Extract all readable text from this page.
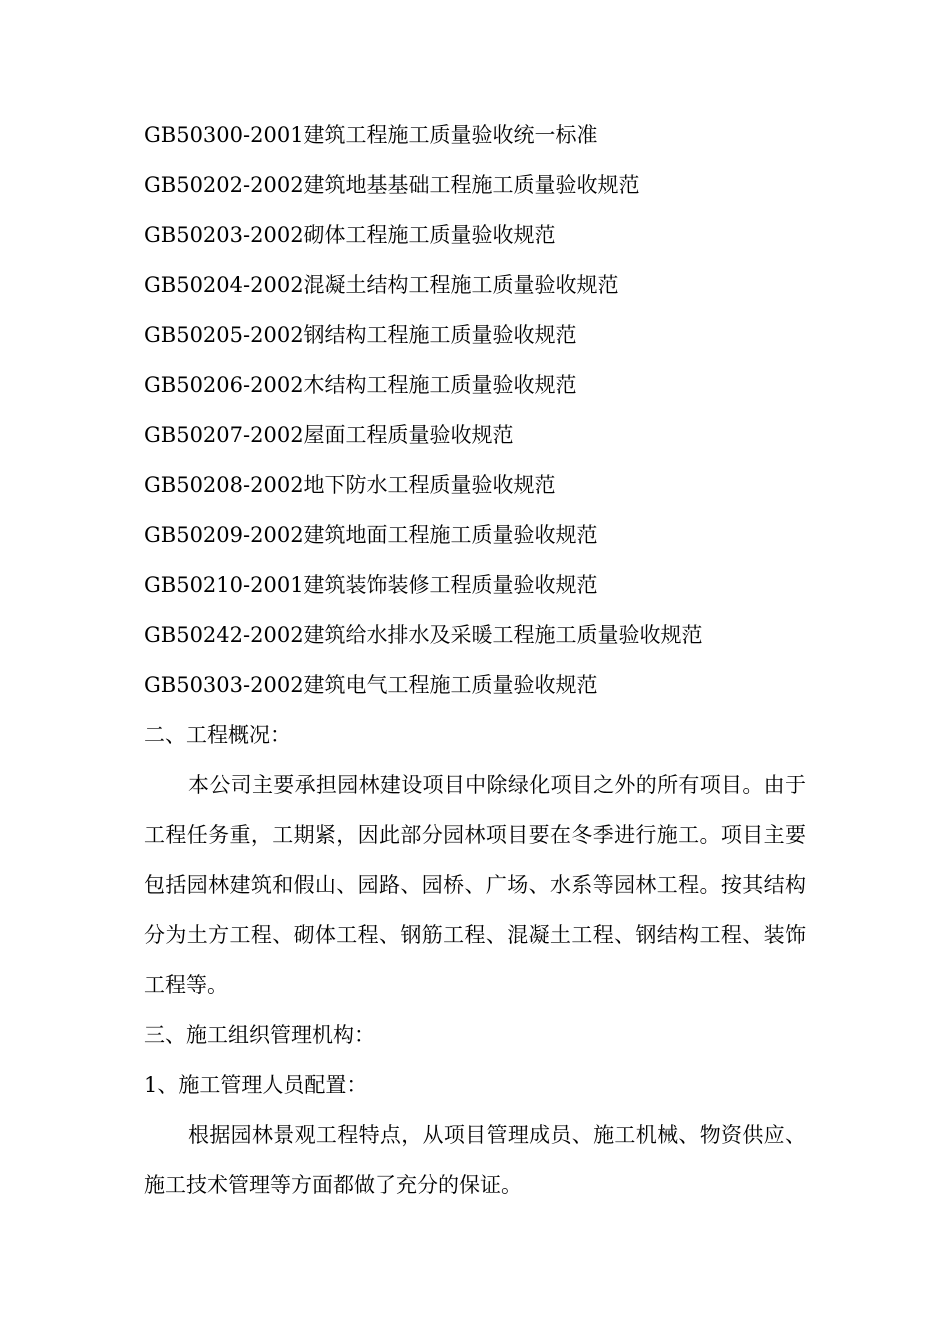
GB50300-2001建筑工程施工质量验收统一标准

GB50202-2002建筑地基基础工程施工质量验收规范

GB50203-2002砌体工程施工质量验收规范

GB50204-2002混凝土结构工程施工质量验收规范

GB50205-2002钢结构工程施工质量验收规范

GB50206-2002木结构工程施工质量验收规范

GB50207-2002屋面工程质量验收规范

GB50208-2002地下防水工程质量验收规范

GB50209-2002建筑地面工程施工质量验收规范

GB50210-2001建筑装饰装修工程质量验收规范

GB50242-2002建筑给水排水及采暖工程施工质量验收规范

GB50303-2002建筑电气工程施工质量验收规范

二、工程概况：

本公司主要承担园林建设项目中除绿化项目之外的所有项目。由于工程任务重，工期紧，因此部分园林项目要在冬季进行施工。项目主要包括园林建筑和假山、园路、园桥、广场、水系等园林工程。按其结构分为土方工程、砌体工程、钢筋工程、混凝土工程、钢结构工程、装饰工程等。

三、施工组织管理机构：

1、施工管理人员配置：

根据园林景观工程特点，从项目管理成员、施工机械、物资供应、施工技术管理等方面都做了充分的保证。
